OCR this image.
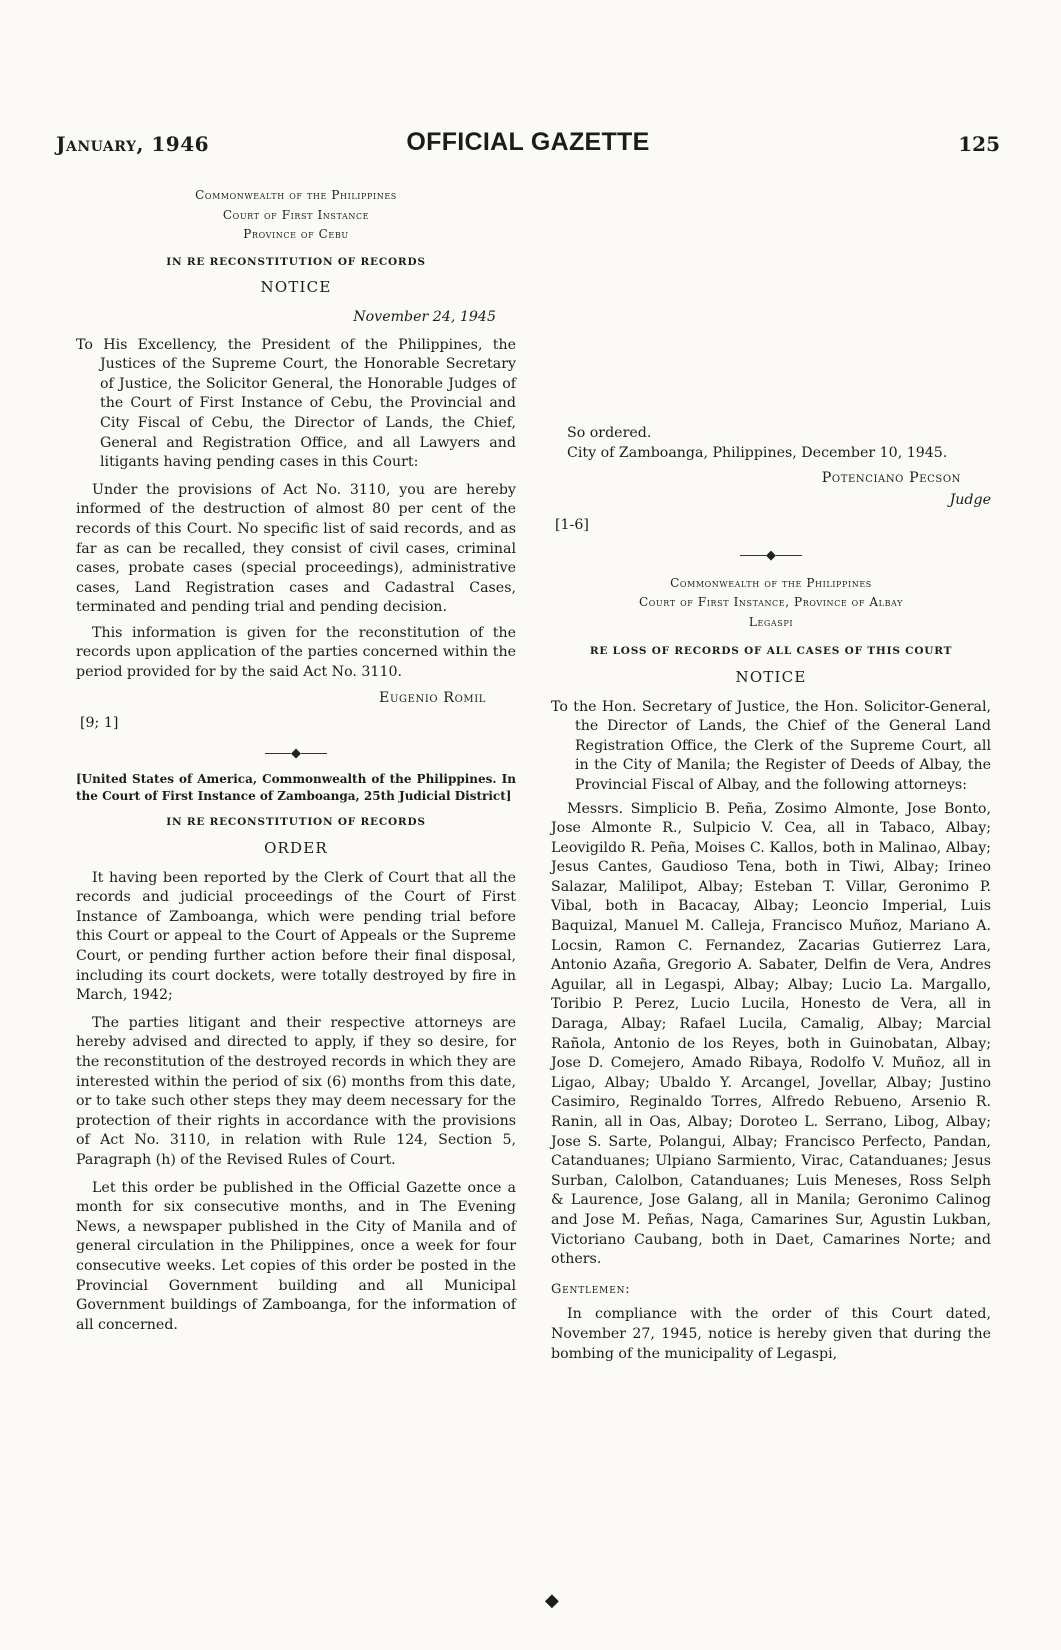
January, 1946	OFFICIAL GAZETTE	125
Commonwealth of the Philippines
Court of First Instance
Province of Cebu
IN RE RECONSTITUTION OF RECORDS
NOTICE
November 24, 1945

To His Excellency, the President of the Philippines, the Justices of the Supreme Court, the Honorable Secretary of Justice, the Solicitor General, the Honorable Judges of the Court of First Instance of Cebu, the Provincial and City Fiscal of Cebu, the Director of Lands, the Chief, General and Registration Office, and all Lawyers and litigants having pending cases in this Court:

Under the provisions of Act No. 3110, you are hereby informed of the destruction of almost 80 per cent of the records of this Court. No specific list of said records, and as far as can be recalled, they consist of civil cases, criminal cases, probate cases (special proceedings), administrative cases, Land Registration cases and Cadastral Cases, terminated and pending trial and pending decision.

This information is given for the reconstitution of the records upon application of the parties concerned within the period provided for by the said Act No. 3110.

Eugenio Romil
[9; 1]
◆

[United States of America, Commonwealth of the Philippines. In the Court of First Instance of Zamboanga, 25th Judicial District]

IN RE RECONSTITUTION OF RECORDS
ORDER

It having been reported by the Clerk of Court that all the records and judicial proceedings of the Court of First Instance of Zamboanga, which were pending trial before this Court or appeal to the Court of Appeals or the Supreme Court, or pending further action before their final disposal, including its court dockets, were totally destroyed by fire in March, 1942;

The parties litigant and their respective attorneys are hereby advised and directed to apply, if they so desire, for the reconstitution of the destroyed records in which they are interested within the period of six (6) months from this date, or to take such other steps they may deem necessary for the protection of their rights in accordance with the provisions of Act No. 3110, in relation with Rule 124, Section 5, Paragraph (h) of the Revised Rules of Court.

Let this order be published in the Official Gazette once a month for six consecutive months, and in The Evening News, a newspaper published in the City of Manila and of general circulation in the Philippines, once a week for four consecutive weeks. Let copies of this order be posted in the Provincial Government building and all Municipal Government buildings of Zamboanga, for the information of all concerned.

So ordered.

City of Zamboanga, Philippines, December 10, 1945.

Potenciano Pecson
Judge
[1-6]
◆
Commonwealth of the Philippines
Court of First Instance, Province of Albay
Legaspi
RE LOSS OF RECORDS OF ALL CASES OF THIS COURT
NOTICE

To the Hon. Secretary of Justice, the Hon. Solicitor-General, the Director of Lands, the Chief of the General Land Registration Office, the Clerk of the Supreme Court, all in the City of Manila; the Register of Deeds of Albay, the Provincial Fiscal of Albay, and the following attorneys:

Messrs. Simplicio B. Peña, Zosimo Almonte, Jose Bonto, Jose Almonte R., Sulpicio V. Cea, all in Tabaco, Albay; Leovigildo R. Peña, Moises C. Kallos, both in Malinao, Albay; Jesus Cantes, Gaudioso Tena, both in Tiwi, Albay; Irineo Salazar, Malilipot, Albay; Esteban T. Villar, Geronimo P. Vibal, both in Bacacay, Albay; Leoncio Imperial, Luis Baquizal, Manuel M. Calleja, Francisco Muñoz, Mariano A. Locsin, Ramon C. Fernandez, Zacarias Gutierrez Lara, Antonio Azaña, Gregorio A. Sabater, Delfin de Vera, Andres Aguilar, all in Legaspi, Albay; Albay; Lucio La. Margallo, Toribio P. Perez, Lucio Lucila, Honesto de Vera, all in Daraga, Albay; Rafael Lucila, Camalig, Albay; Marcial Rañola, Antonio de los Reyes, both in Guinobatan, Albay; Jose D. Comejero, Amado Ribaya, Rodolfo V. Muñoz, all in Ligao, Albay; Ubaldo Y. Arcangel, Jovellar, Albay; Justino Casimiro, Reginaldo Torres, Alfredo Rebueno, Arsenio R. Ranin, all in Oas, Albay; Doroteo L. Serrano, Libog, Albay; Jose S. Sarte, Polangui, Albay; Francisco Perfecto, Pandan, Catanduanes; Ulpiano Sarmiento, Virac, Catanduanes; Jesus Surban, Calolbon, Catanduanes; Luis Meneses, Ross Selph & Laurence, Jose Galang, all in Manila; Geronimo Calinog and Jose M. Peñas, Naga, Camarines Sur, Agustin Lukban, Victoriano Caubang, both in Daet, Camarines Norte; and others.

Gentlemen:

In compliance with the order of this Court dated, November 27, 1945, notice is hereby given that during the bombing of the municipality of Legaspi,

◆
